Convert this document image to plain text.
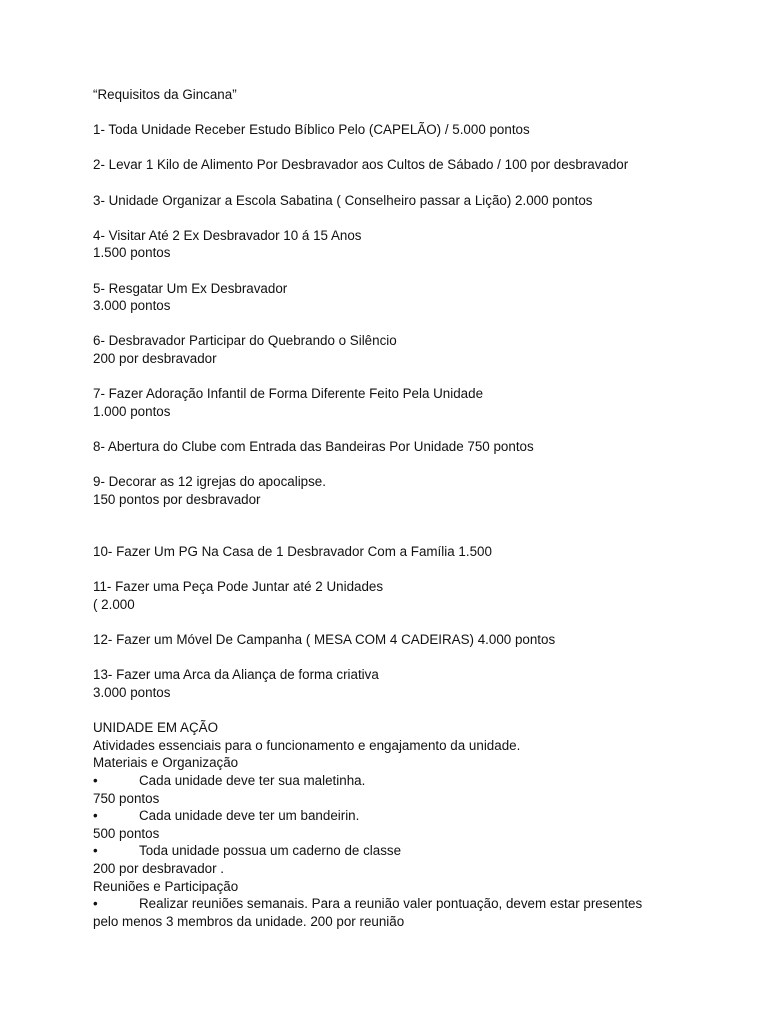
“Requisitos da Gincana”

1- Toda Unidade Receber Estudo Bíblico Pelo (CAPELÃO) / 5.000 pontos

2- Levar 1 Kilo de Alimento Por Desbravador aos Cultos de Sábado / 100 por desbravador

3- Unidade Organizar a Escola Sabatina ( Conselheiro passar a Lição) 2.000 pontos

4- Visitar Até 2 Ex Desbravador 10 á 15 Anos

1.500 pontos

5- Resgatar Um Ex Desbravador

3.000 pontos

6- Desbravador Participar do Quebrando o Silêncio

200 por desbravador

7- Fazer Adoração Infantil de Forma Diferente Feito Pela Unidade

1.000 pontos

8- Abertura do Clube com Entrada das Bandeiras Por Unidade 750 pontos

9- Decorar as 12 igrejas do apocalipse.

150 pontos por desbravador

10- Fazer Um PG Na Casa de 1 Desbravador Com a Família 1.500

11- Fazer uma Peça Pode Juntar até 2 Unidades

( 2.000

12- Fazer um Móvel De Campanha ( MESA COM 4 CADEIRAS) 4.000 pontos

13- Fazer uma Arca da Aliança de forma criativa

3.000 pontos

UNIDADE EM AÇÃO

Atividades essenciais para o funcionamento e engajamento da unidade.

Materiais e Organização

•	Cada unidade deve ter sua maletinha.

750 pontos

•	Cada unidade deve ter um bandeirin.

500 pontos

•	Toda unidade possua um caderno de classe

200 por desbravador .

Reuniões e Participação

•	Realizar reuniões semanais. Para a reunião valer pontuação, devem estar presentes

pelo menos 3 membros da unidade. 200 por reunião
